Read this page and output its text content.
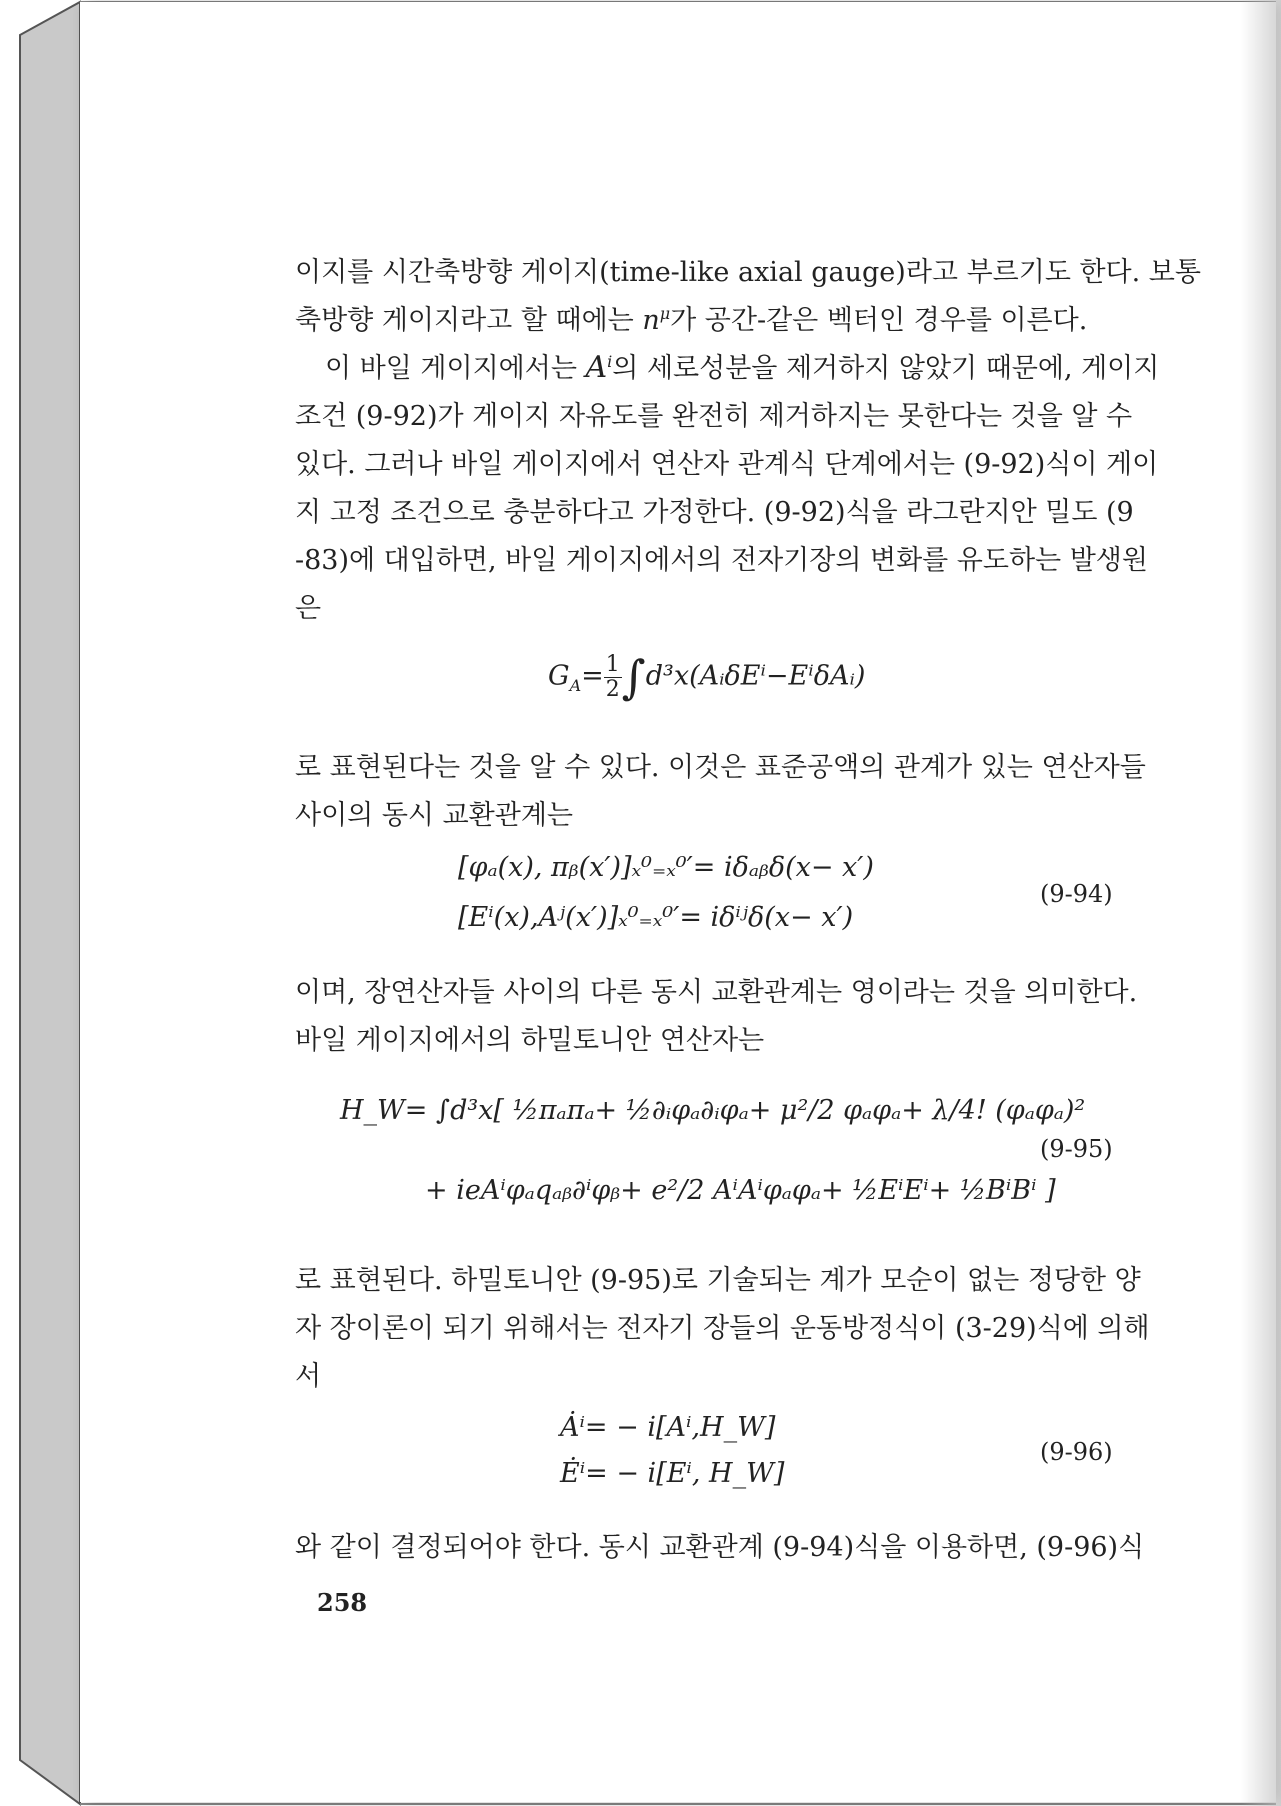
이지를 시간축방향 게이지(time-like axial gauge)라고 부르기도 한다. 보통
축방향 게이지라고 할 때에는 $n^\mu$가 공간-같은 벡터인 경우를 이른다.
이 바일 게이지에서는 $A^i$의 세로성분을 제거하지 않았기 때문에, 게이지
조건 (9-92)가 게이지 자유도를 완전히 제거하지는 못한다는 것을 알 수
있다. 그러나 바일 게이지에서 연산자 관계식 단계에서는 (9-92)식이 게이
지 고정 조건으로 충분하다고 가정한다. (9-92)식을 라그란지안 밀도 (9
-83)에 대입하면, 바일 게이지에서의 전자기장의 변화를 유도하는 발생원
은
$G_A= \frac{1}{2}$ ∫d³x(AᵢδEⁱ−EⁱδAᵢ)
로 표현된다는 것을 알 수 있다. 이것은 표준공액의 관계가 있는 연산자들
사이의 동시 교환관계는
[φₐ(x), πᵦ(x′)]ₓ⁰₌ₓ⁰′= iδₐᵦδ(x− x′)
[Eⁱ(x),Aʲ(x′)]ₓ⁰₌ₓ⁰′= iδⁱʲδ(x− x′)
(9-94)
이며, 장연산자들 사이의 다른 동시 교환관계는 영이라는 것을 의미한다.
바일 게이지에서의 하밀토니안 연산자는
H_W= ∫d³x[ ½πₐπₐ+ ½∂ᵢφₐ∂ᵢφₐ+ μ²/2 φₐφₐ+ λ/4! (φₐφₐ)²
+ ieAⁱφₐqₐᵦ∂ⁱφᵦ+ e²/2 AⁱAⁱφₐφₐ+ ½EⁱEⁱ+ ½BⁱBⁱ ]
(9-95)
로 표현된다. 하밀토니안 (9-95)로 기술되는 계가 모순이 없는 정당한 양
자 장이론이 되기 위해서는 전자기 장들의 운동방정식이 (3-29)식에 의해
서
Ȧⁱ= − i[Aⁱ,H_W]
Ėⁱ= − i[Eⁱ, H_W]
(9-96)
와 같이 결정되어야 한다. 동시 교환관계 (9-94)식을 이용하면, (9-96)식
258
